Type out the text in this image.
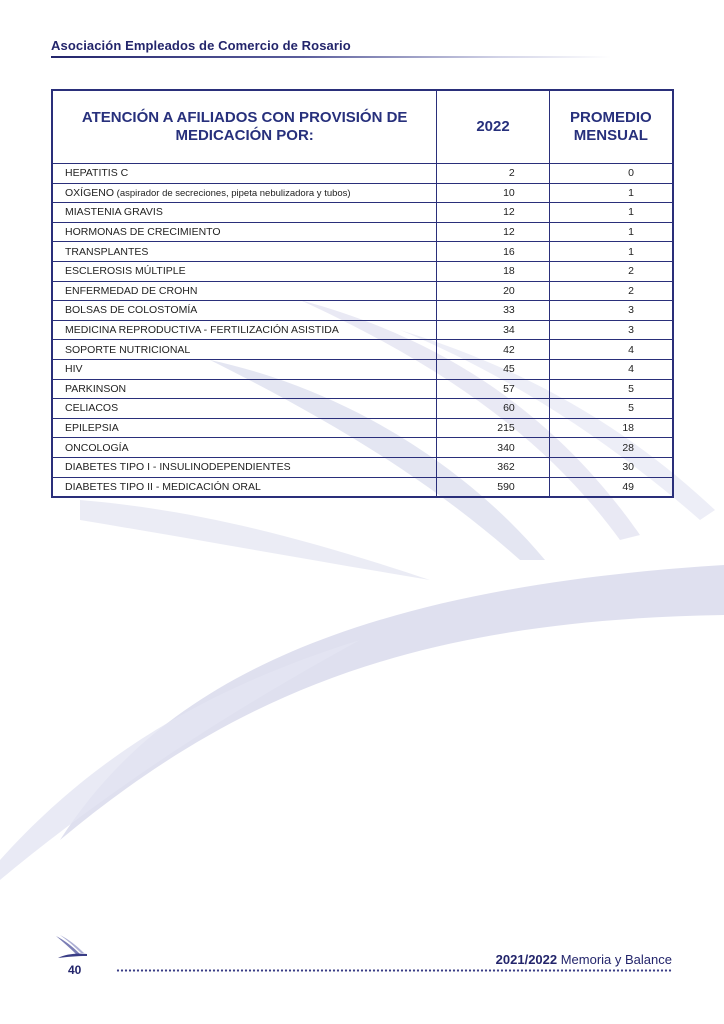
Asociación Empleados de Comercio de Rosario
ATENCIÓN A AFILIADOS CON PROVISIÓN DE MEDICACIÓN POR:	2022	PROMEDIO MENSUAL
HEPATITIS C	2	0
OXÍGENO (aspirador de secreciones, pipeta nebulizadora y tubos)	10	1
MIASTENIA GRAVIS	12	1
HORMONAS DE CRECIMIENTO	12	1
TRANSPLANTES	16	1
ESCLEROSIS MÚLTIPLE	18	2
ENFERMEDAD DE CROHN	20	2
BOLSAS DE COLOSTOMÍA	33	3
MEDICINA REPRODUCTIVA - FERTILIZACIÓN ASISTIDA	34	3
SOPORTE NUTRICIONAL	42	4
HIV	45	4
PARKINSON	57	5
CELIACOS	60	5
EPILEPSIA	215	18
ONCOLOGÍA	340	28
DIABETES TIPO I - INSULINODEPENDIENTES	362	30
DIABETES TIPO II - MEDICACIÓN ORAL	590	49
40
2021/2022 Memoria y Balance
